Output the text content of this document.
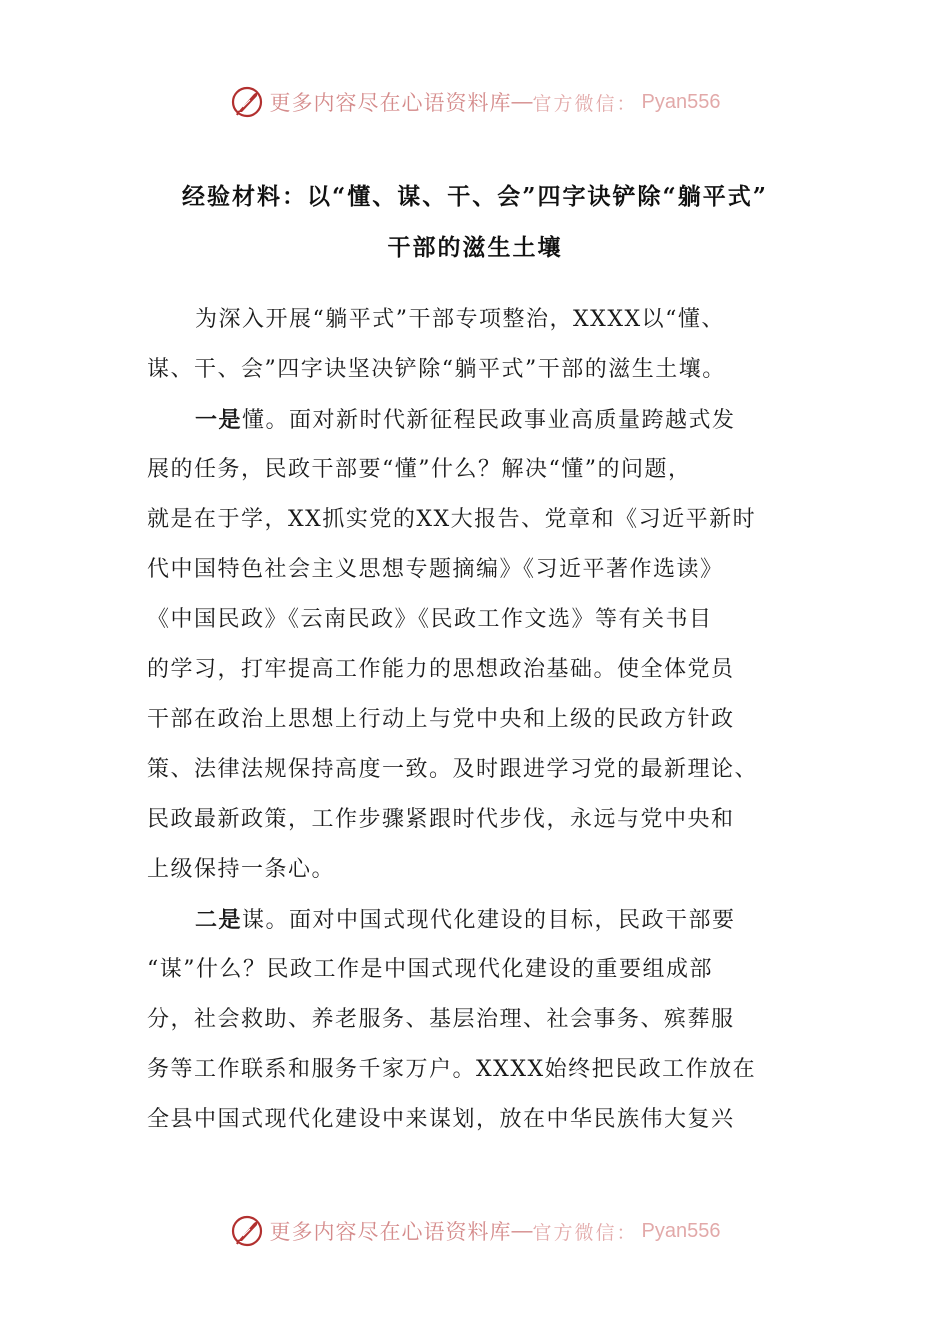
更多内容尽在心语资料库 — 官方微信： Pyan556
经验材料：以“懂、谋、干、会”四字诀铲除“躺平式”
干部的滋生土壤
为深入开展“躺平式”干部专项整治，XXXX以“懂、
谋、干、会”四字诀坚决铲除“躺平式”干部的滋生土壤。
一是懂。面对新时代新征程民政事业高质量跨越式发
展的任务，民政干部要“懂”什么？解决“懂”的问题，
就是在于学，XX抓实党的XX大报告、党章和《习近平新时
代中国特色社会主义思想专题摘编》《习近平著作选读》
《中国民政》《云南民政》《民政工作文选》等有关书目
的学习，打牢提高工作能力的思想政治基础。使全体党员
干部在政治上思想上行动上与党中央和上级的民政方针政
策、法律法规保持高度一致。及时跟进学习党的最新理论、
民政最新政策，工作步骤紧跟时代步伐，永远与党中央和
上级保持一条心。
二是谋。面对中国式现代化建设的目标，民政干部要
“谋”什么？民政工作是中国式现代化建设的重要组成部
分，社会救助、养老服务、基层治理、社会事务、殡葬服
务等工作联系和服务千家万户。XXXX始终把民政工作放在
全县中国式现代化建设中来谋划，放在中华民族伟大复兴
更多内容尽在心语资料库 — 官方微信： Pyan556
